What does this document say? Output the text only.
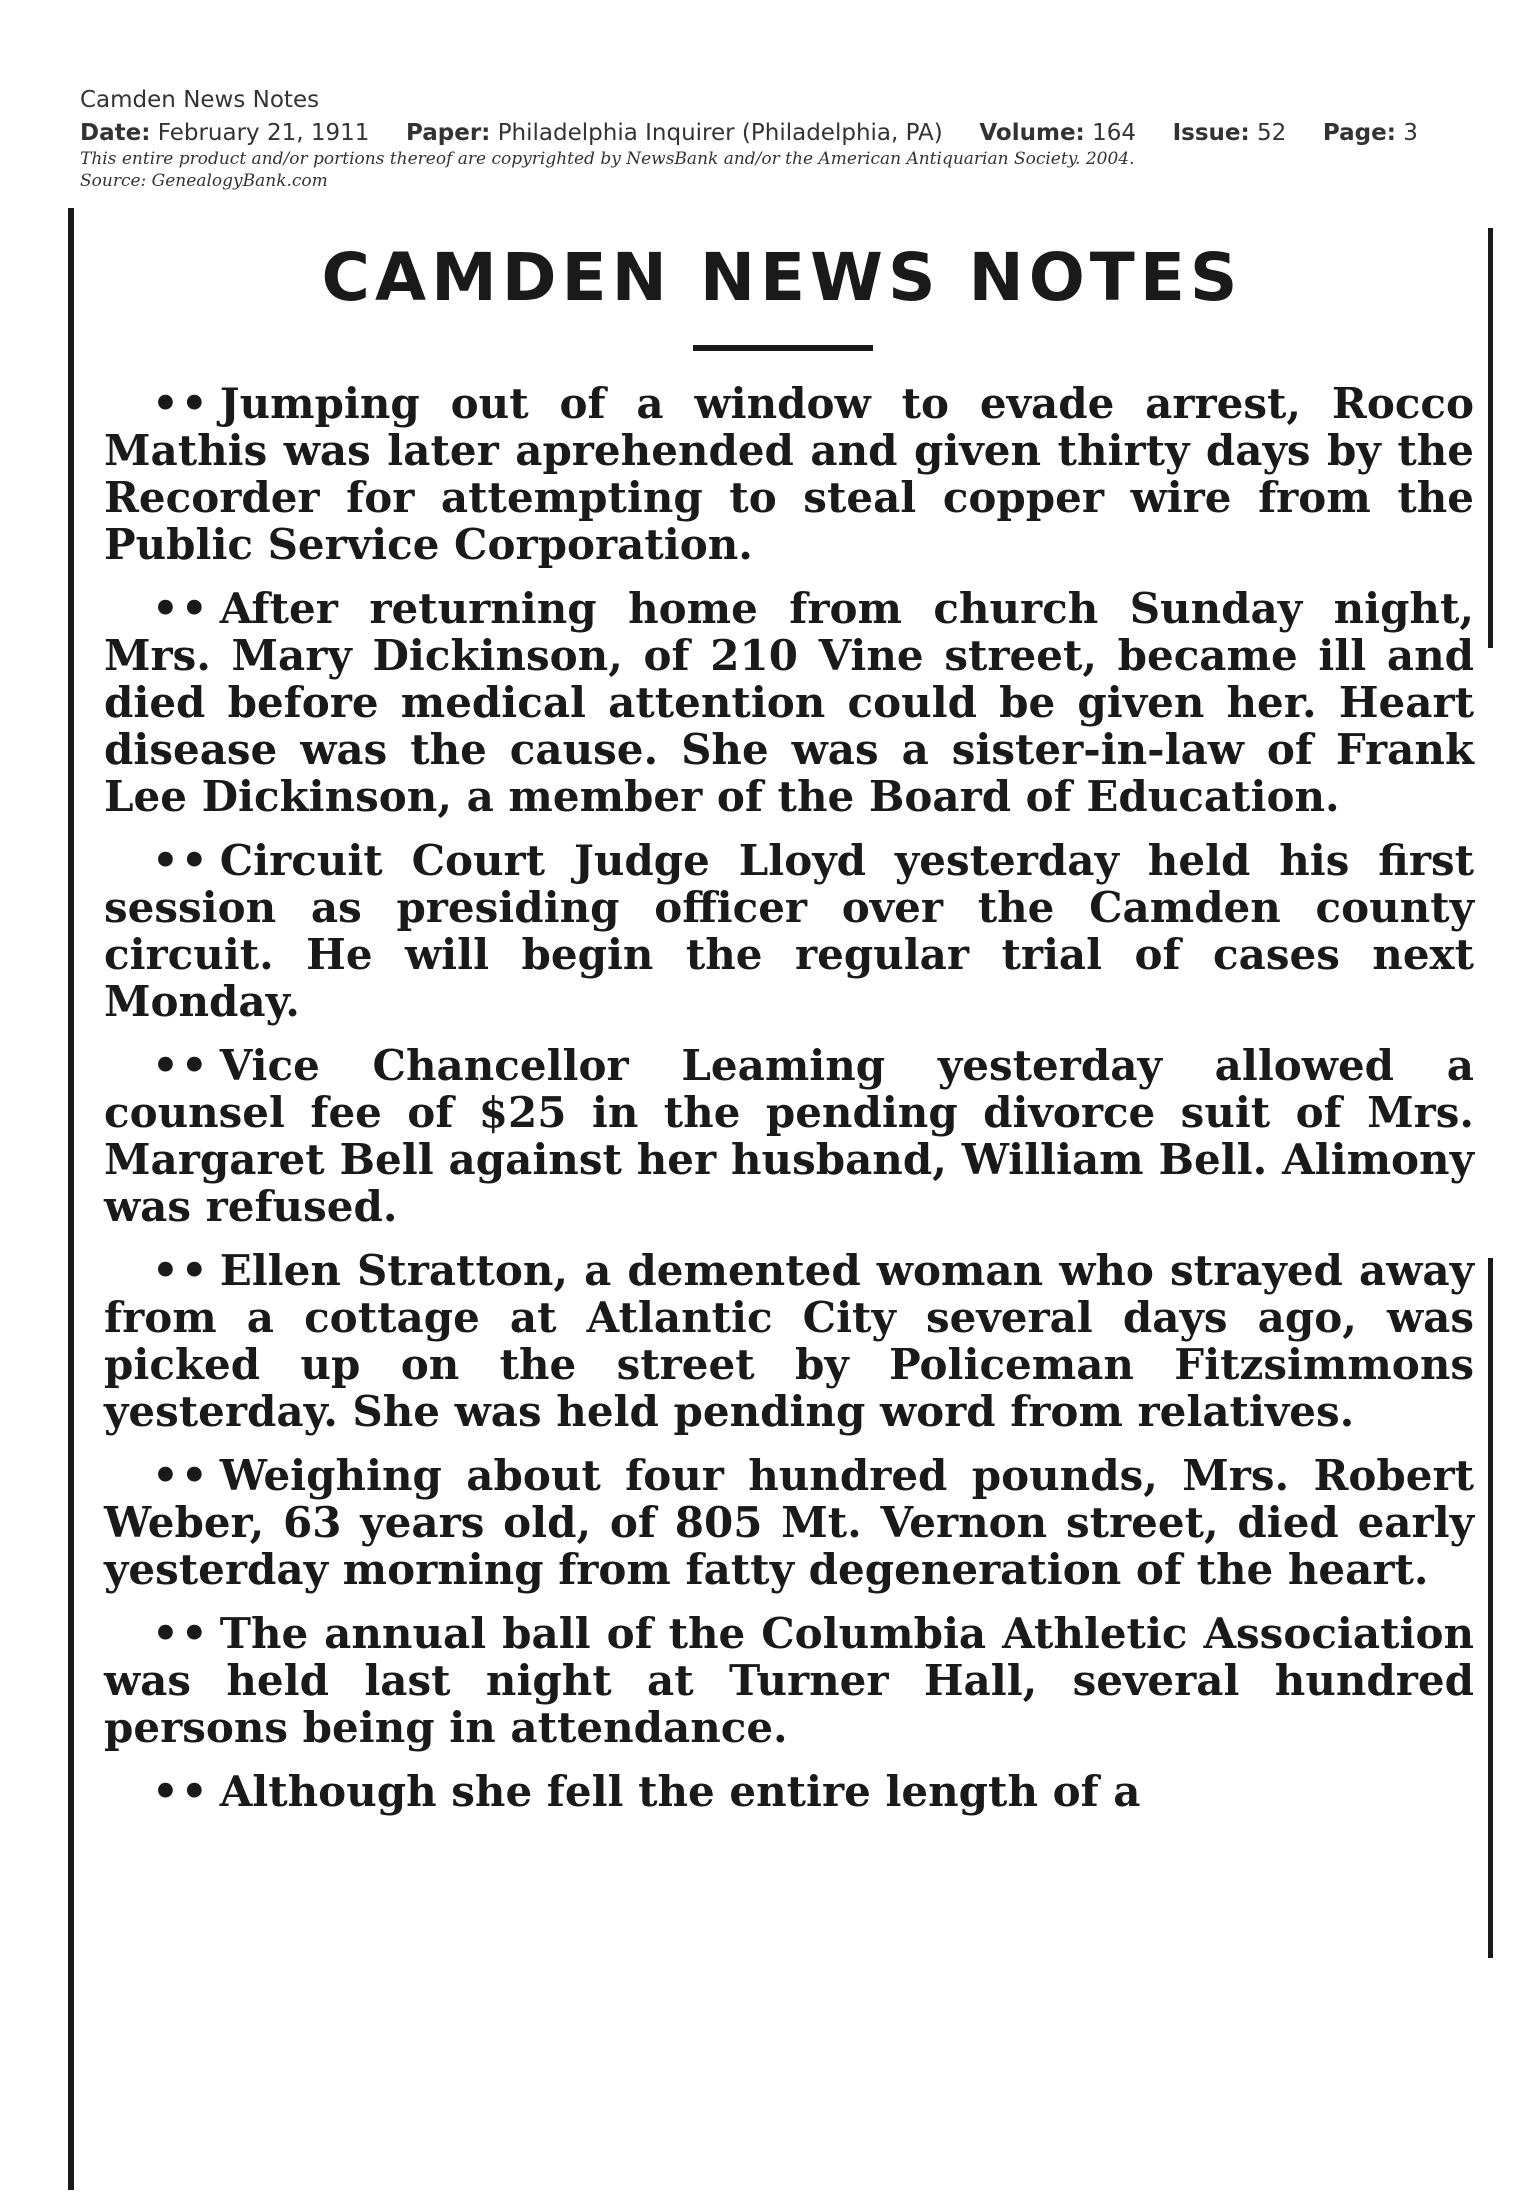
Camden News Notes
Date: February 21, 1911 Paper: Philadelphia Inquirer (Philadelphia, PA) Volume: 164 Issue: 52 Page: 3
This entire product and/or portions thereof are copyrighted by NewsBank and/or the American Antiquarian Society. 2004.
Source: GenealogyBank.com
CAMDEN NEWS NOTES

•• Jumping out of a window to evade arrest, Rocco Mathis was later aprehended and given thirty days by the Recorder for attempting to steal copper wire from the Public Service Corporation.

•• After returning home from church Sunday night, Mrs. Mary Dickinson, of 210 Vine street, became ill and died before medical attention could be given her. Heart disease was the cause. She was a sister-in-law of Frank Lee Dickinson, a member of the Board of Education.

•• Circuit Court Judge Lloyd yesterday held his first session as presiding officer over the Camden county circuit. He will begin the regular trial of cases next Monday.

•• Vice Chancellor Leaming yesterday allowed a counsel fee of $25 in the pending divorce suit of Mrs. Margaret Bell against her husband, William Bell. Alimony was refused.

•• Ellen Stratton, a demented woman who strayed away from a cottage at Atlantic City several days ago, was picked up on the street by Policeman Fitzsimmons yesterday. She was held pending word from relatives.

•• Weighing about four hundred pounds, Mrs. Robert Weber, 63 years old, of 805 Mt. Vernon street, died early yesterday morning from fatty degeneration of the heart.

•• The annual ball of the Columbia Athletic Association was held last night at Turner Hall, several hundred persons being in attendance.

•• Although she fell the entire length of a
